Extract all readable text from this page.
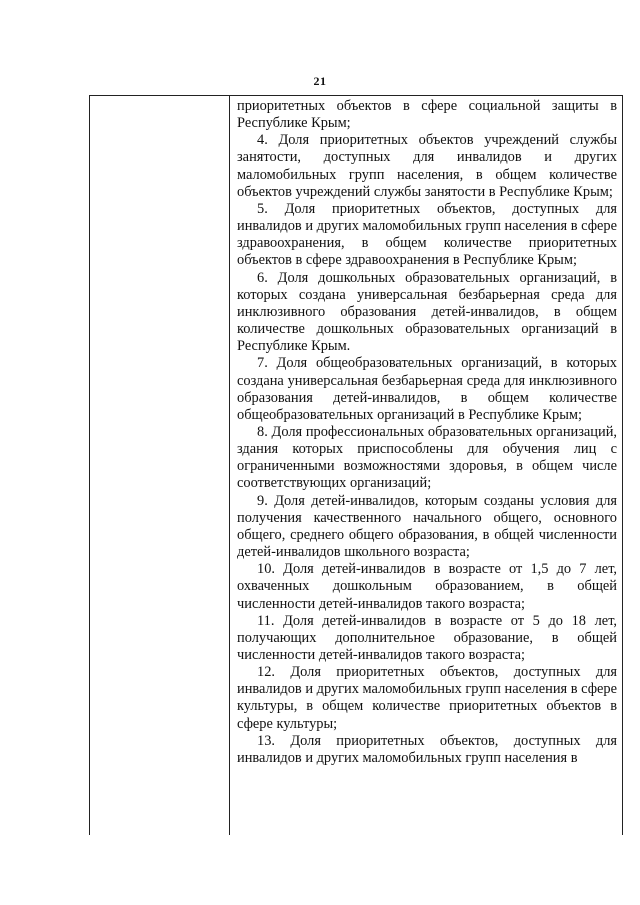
21

приоритетных объектов в сфере социальной защиты в Республике Крым;

4. Доля приоритетных объектов учреждений службы занятости, доступных для инвалидов и других маломобильных групп населения, в общем количестве объектов учреждений службы занятости в Республике Крым;

5. Доля приоритетных объектов, доступных для инвалидов и других маломобильных групп населения в сфере здравоохранения, в общем количестве приоритетных объектов в сфере здравоохранения в Республике Крым;

6. Доля дошкольных образовательных организаций, в которых создана универсальная безбарьерная среда для инклюзивного образования детей-инвалидов, в общем количестве дошкольных образовательных организаций в Республике Крым.

7. Доля общеобразовательных организаций, в которых создана универсальная безбарьерная среда для инклюзивного образования детей-инвалидов, в общем количестве общеобразовательных организаций в Республике Крым;

8. Доля профессиональных образовательных организаций, здания которых приспособлены для обучения лиц с ограниченными возможностями здоровья, в общем числе соответствующих организаций;

9. Доля детей-инвалидов, которым созданы условия для получения качественного начального общего, основного общего, среднего общего образования, в общей численности детей-инвалидов школьного возраста;

10. Доля детей-инвалидов в возрасте от 1,5 до 7 лет, охваченных дошкольным образованием, в общей численности детей-инвалидов такого возраста;

11. Доля детей-инвалидов в возрасте от 5 до 18 лет, получающих дополнительное образование, в общей численности детей-инвалидов такого возраста;

12. Доля приоритетных объектов, доступных для инвалидов и других маломобильных групп населения в сфере культуры, в общем количестве приоритетных объектов в сфере культуры;

13. Доля приоритетных объектов, доступных для инвалидов и других маломобильных групп населения в
